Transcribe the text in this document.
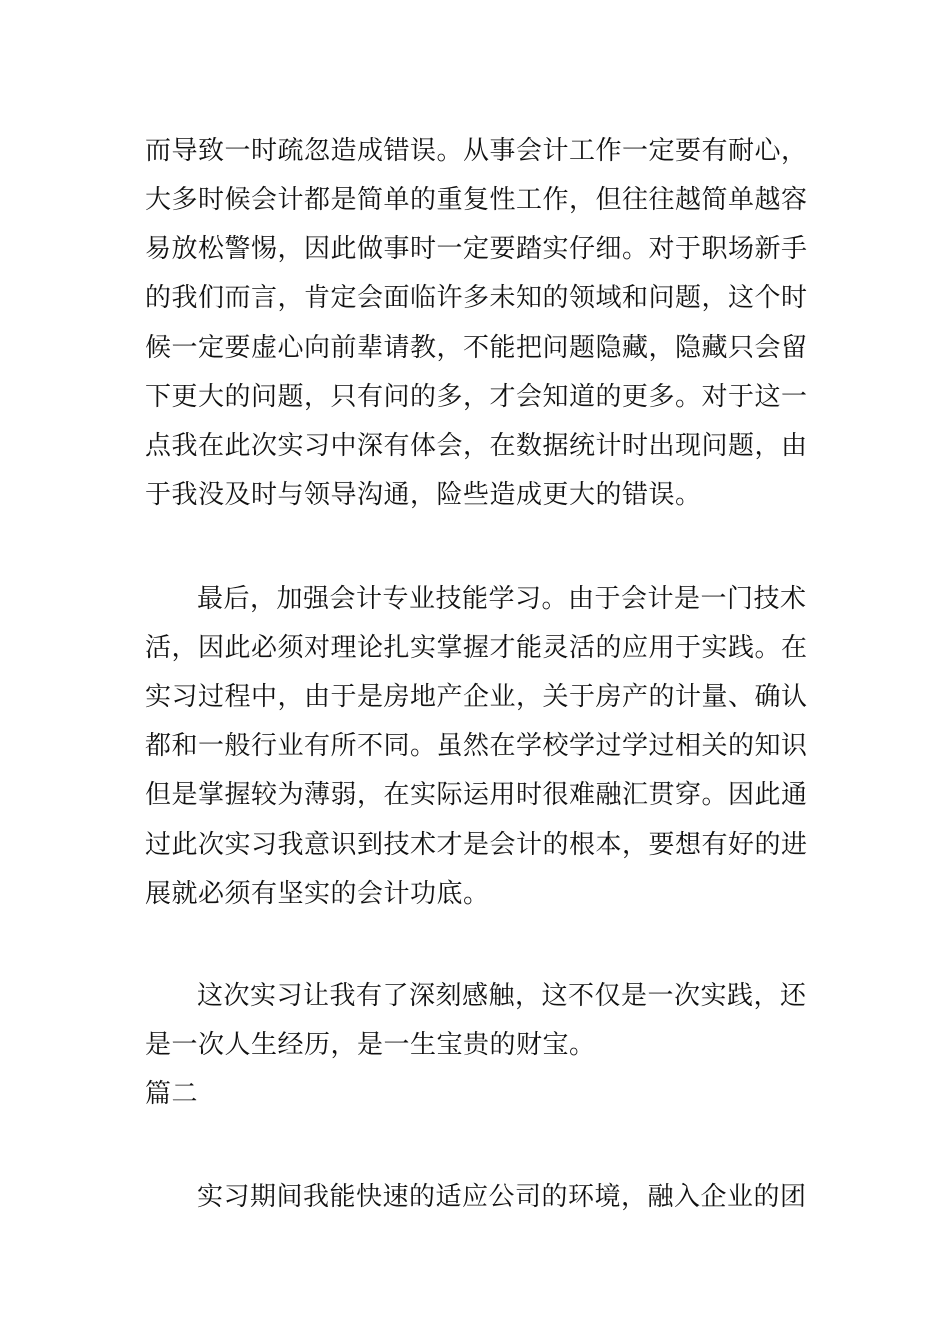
而导致一时疏忽造成错误。从事会计工作一定要有耐心，
大多时候会计都是简单的重复性工作，但往往越简单越容
易放松警惕，因此做事时一定要踏实仔细。对于职场新手
的我们而言，肯定会面临许多未知的领域和问题，这个时
候一定要虚心向前辈请教，不能把问题隐藏，隐藏只会留
下更大的问题，只有问的多，才会知道的更多。对于这一
点我在此次实习中深有体会，在数据统计时出现问题，由
于我没及时与领导沟通，险些造成更大的错误。
最后，加强会计专业技能学习。由于会计是一门技术
活，因此必须对理论扎实掌握才能灵活的应用于实践。在
实习过程中，由于是房地产企业，关于房产的计量、确认
都和一般行业有所不同。虽然在学校学过学过相关的知识
但是掌握较为薄弱，在实际运用时很难融汇贯穿。因此通
过此次实习我意识到技术才是会计的根本，要想有好的进
展就必须有坚实的会计功底。
这次实习让我有了深刻感触，这不仅是一次实践，还
是一次人生经历，是一生宝贵的财宝。
篇二
实习期间我能快速的适应公司的环境，融入企业的团
